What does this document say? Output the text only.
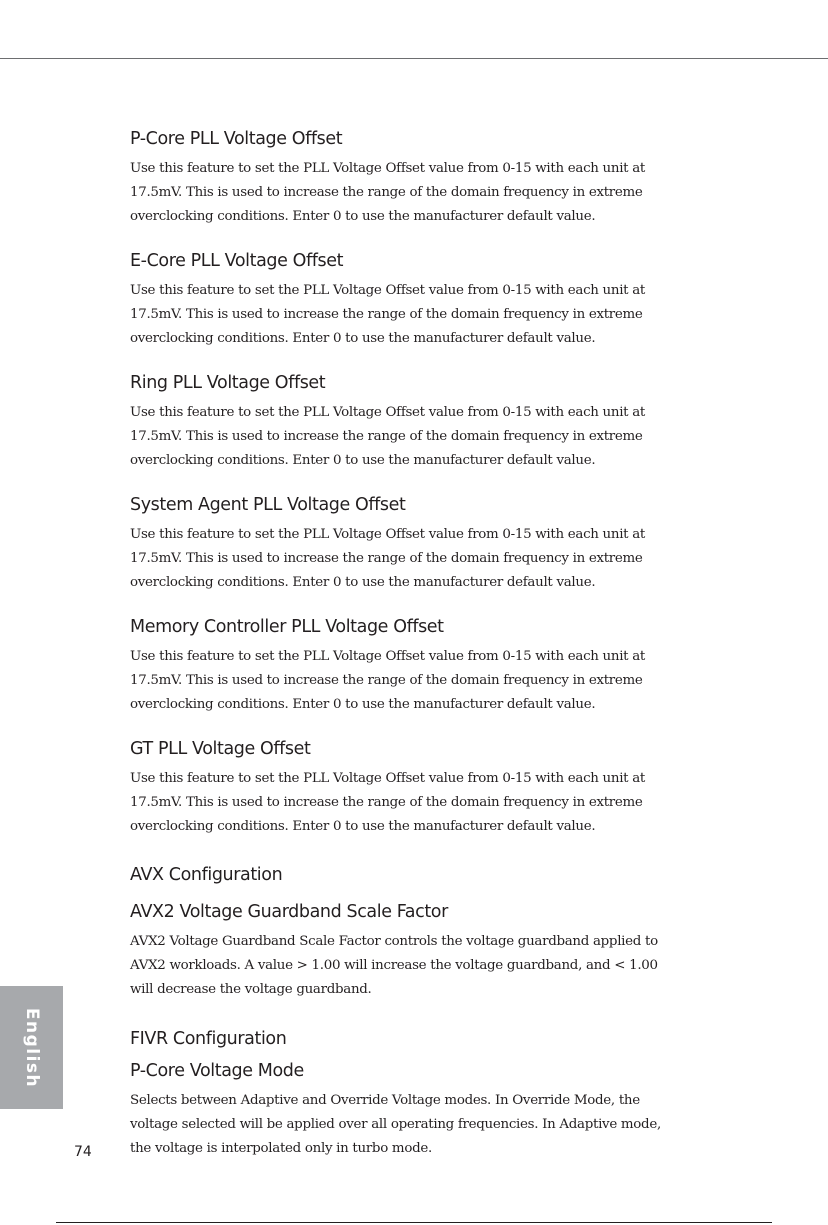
P-Core PLL Voltage Offset
Use this feature to set the PLL Voltage Offset value from 0-15 with each unit at
17.5mV. This is used to increase the range of the domain frequency in extreme
overclocking conditions. Enter 0 to use the manufacturer default value.
E-Core PLL Voltage Offset
Use this feature to set the PLL Voltage Offset value from 0-15 with each unit at
17.5mV. This is used to increase the range of the domain frequency in extreme
overclocking conditions. Enter 0 to use the manufacturer default value.
Ring PLL Voltage Offset
Use this feature to set the PLL Voltage Offset value from 0-15 with each unit at
17.5mV. This is used to increase the range of the domain frequency in extreme
overclocking conditions. Enter 0 to use the manufacturer default value.
System Agent PLL Voltage Offset
Use this feature to set the PLL Voltage Offset value from 0-15 with each unit at
17.5mV. This is used to increase the range of the domain frequency in extreme
overclocking conditions. Enter 0 to use the manufacturer default value.
Memory Controller PLL Voltage Offset
Use this feature to set the PLL Voltage Offset value from 0-15 with each unit at
17.5mV. This is used to increase the range of the domain frequency in extreme
overclocking conditions. Enter 0 to use the manufacturer default value.
GT PLL Voltage Offset
Use this feature to set the PLL Voltage Offset value from 0-15 with each unit at
17.5mV. This is used to increase the range of the domain frequency in extreme
overclocking conditions. Enter 0 to use the manufacturer default value.
AVX Configuration
AVX2 Voltage Guardband Scale Factor
AVX2 Voltage Guardband Scale Factor controls the voltage guardband applied to
AVX2 workloads. A value > 1.00 will increase the voltage guardband, and < 1.00
will decrease the voltage guardband.
FIVR Configuration
P-Core Voltage Mode
Selects between Adaptive and Override Voltage modes. In Override Mode, the
voltage selected will be applied over all operating frequencies. In Adaptive mode,
the voltage is interpolated only in turbo mode.
English
74
